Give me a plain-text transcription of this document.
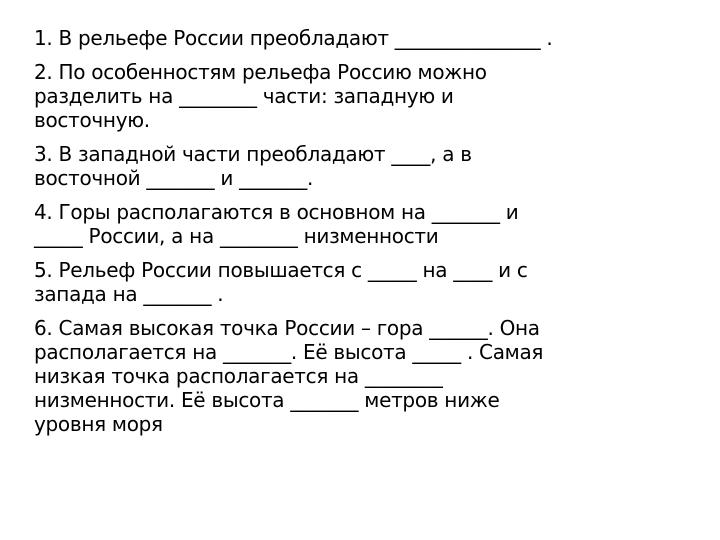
1. В рельефе России преобладают _______________ .
2. По особенностям рельефа Россию можно
разделить на ________ части: западную и
восточную.
3. В западной части преобладают ____, а в
восточной _______ и _______.
4. Горы располагаются в основном на _______ и
_____ России, а на ________ низменности
5. Рельеф России повышается с _____ на ____ и с
запада на _______ .
6. Самая высокая точка России – гора ______. Она
располагается на _______. Её высота _____ . Самая
низкая точка располагается на ________
низменности. Её высота _______ метров ниже
уровня моря
